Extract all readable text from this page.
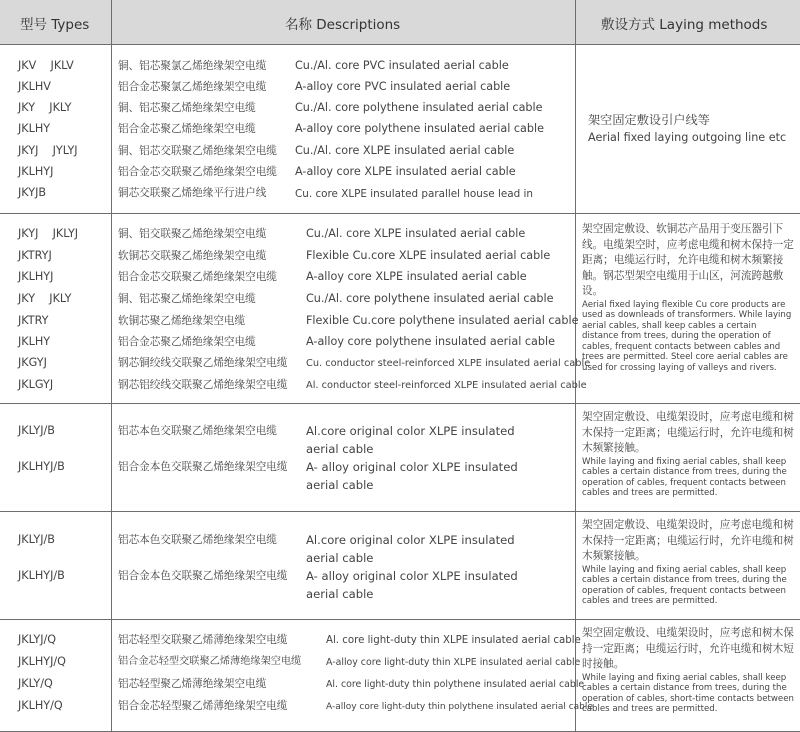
型号 Types	名称 Descriptions	敷设方式 Laying methods
JKV    JKLV	铜、铝芯聚氯乙烯绝缘架空电缆	Cu./Al. core PVC insulated aerial cable
JKLHV	铝合金芯聚氯乙烯绝缘架空电缆	A-alloy core PVC insulated aerial cable
JKY    JKLY	铜、铝芯聚乙烯绝缘架空电缆	Cu./Al. core polythene insulated aerial cable
JKLHY	铝合金芯聚乙烯绝缘架空电缆	A-alloy core polythene insulated aerial cable
JKYJ    JYLYJ	铜、铝芯交联聚乙烯绝缘架空电缆 Cu./Al. core XLPE insulated aerial cable
JKLHYJ	铝合金芯交联聚乙烯绝缘架空电缆 A-alloy core XLPE insulated aerial cable
JKYJB	铜芯交联聚乙烯绝缘平行进户线	Cu. core XLPE insulated parallel house lead in

架空固定敷设引户线等

Aerial fixed laying outgoing line etc

JKYJ    JKLYJ	铜、铝交联聚乙烯绝缘架空电缆	Cu./Al. core XLPE insulated aerial cable
JKTRYJ	软铜芯交联聚乙烯绝缘架空电缆	Flexible Cu.core XLPE insulated aerial cable
JKLHYJ	铝合金芯交联聚乙烯绝缘架空电缆	A-alloy core XLPE insulated aerial cable
JKY    JKLY	铜、铝芯聚乙烯绝缘架空电缆	Cu./Al. core polythene insulated aerial cable
JKTRY	软铜芯聚乙烯绝缘架空电缆	Flexible Cu.core polythene insulated aerial cable
JKLHY	铝合金芯聚乙烯绝缘架空电缆	A-alloy core polythene insulated aerial cable
JKGYJ	钢芯铜绞线交联聚乙烯绝缘架空电缆 Cu. conductor steel-reinforced XLPE insulated aerial cable
JKLGYJ	钢芯铝绞线交联聚乙烯绝缘架空电缆 Al. conductor steel-reinforced XLPE insulated aerial cable

架空固定敷设、软铜芯产品用于变压器引下线。电缆架空时，应考虑电缆和树木保持一定距离；电缆运行时，允许电缆和树木频繁接触。钢芯型架空电缆用于山区，河流跨越敷设。

Aerial fixed laying flexible Cu core products are used as downleads of transformers. While laying aerial cables, shall keep cables a certain distance from trees, during the operation of cables, frequent contacts between cables and trees are permitted. Steel core aerial cables are used for crossing laying of valleys and rivers.

JKLYJ/B	铝芯本色交联聚乙烯绝缘架空电缆	Al.core original color XLPE insulated aerial cable
JKLHYJ/B	铝合金本色交联聚乙烯绝缘架空电缆 A- alloy original color XLPE insulated aerial cable

架空固定敷设、电缆架设时，应考虑电缆和树木保持一定距离；电缆运行时，允许电缆和树木频繁接触。

While laying and fixing aerial cables, shall keep cables a certain distance from trees, during the operation of cables, frequent contacts between cables and trees are permitted.

JKLYJ/B	铝芯本色交联聚乙烯绝缘架空电缆	Al.core original color XLPE insulated aerial cable
JKLHYJ/B	铝合金本色交联聚乙烯绝缘架空电缆 A- alloy original color XLPE insulated aerial cable

架空固定敷设、电缆架设时，应考虑电缆和树木保持一定距离；电缆运行时，允许电缆和树木频繁接触。

While laying and fixing aerial cables, shall keep cables a certain distance from trees, during the operation of cables, frequent contacts between cables and trees are permitted.

JKLYJ/Q	铝芯轻型交联聚乙烯薄绝缘架空电缆	Al. core light-duty thin XLPE insulated aerial cable
JKLHYJ/Q	铝合金芯轻型交联聚乙烯薄绝缘架空电缆	A-alloy core light-duty thin XLPE insulated aerial cable
JKLY/Q	铝芯轻型聚乙烯薄绝缘架空电缆	Al. core light-duty thin polythene insulated aerial cable
JKLHY/Q	铝合金芯轻型聚乙烯薄绝缘架空电缆	A-alloy core light-duty thin polythene insulated aerial cable

架空固定敷设、电缆架设时，应考虑和树木保持一定距离；电缆运行时，允许电缆和树木短时接触。

While laying and fixing aerial cables, shall keep cables a certain distance from trees, during the operation of cables, short-time contacts between cables and trees are permitted.
